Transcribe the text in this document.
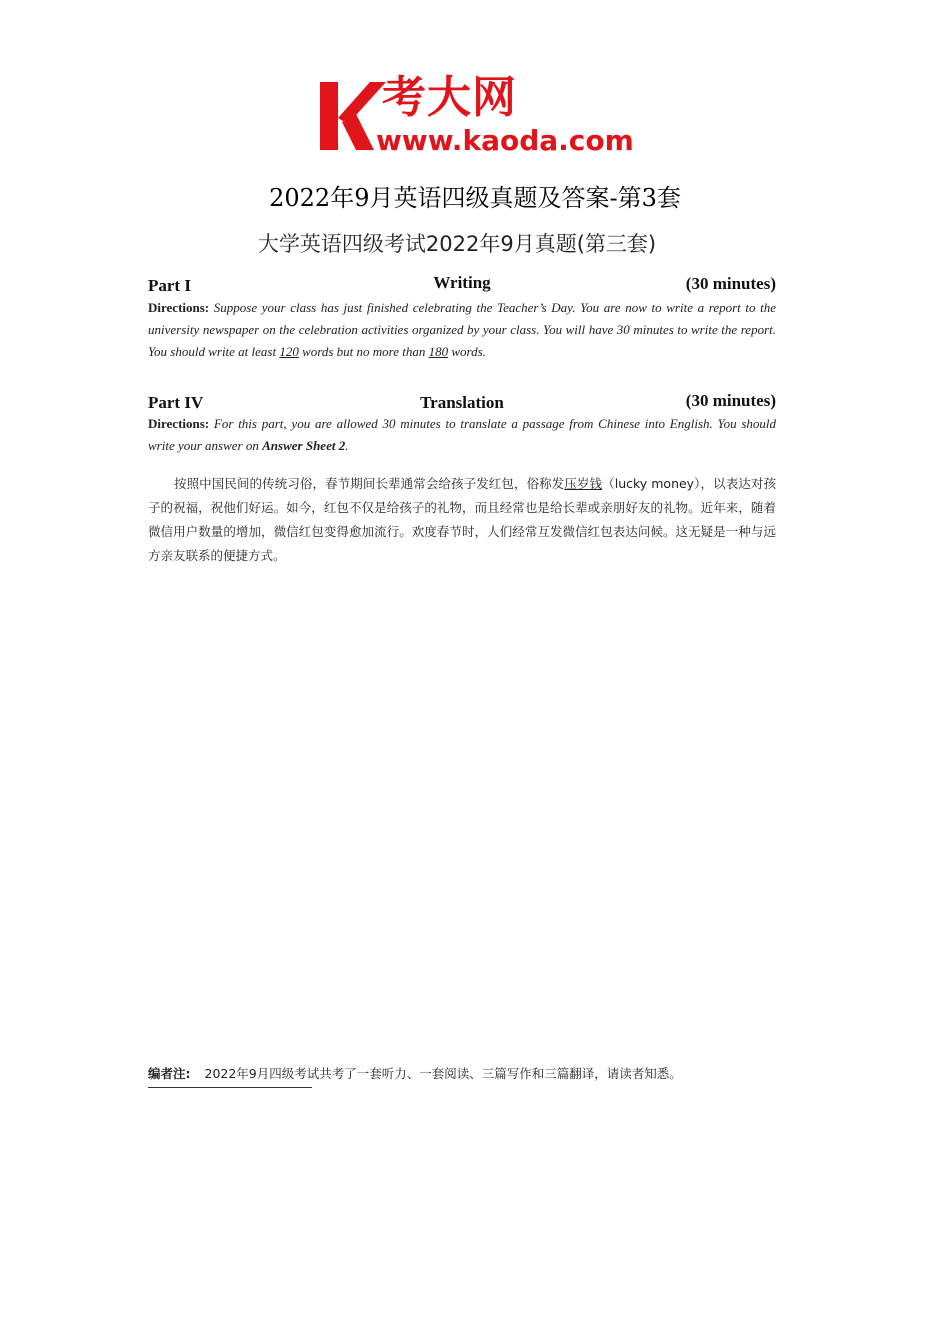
考大网
www.kaoda.com
2022年9月英语四级真题及答案-第3套
大学英语四级考试2022年9月真题(第三套)
Part I	Writing	(30 minutes)
Directions: Suppose your class has just finished celebrating the Teacher’s Day. You are now to write a report to the university newspaper on the celebration activities organized by your class. You will have 30 minutes to write the report. You should write at least 120 words but no more than 180 words.
Part IV	Translation	(30 minutes)
Directions: For this part, you are allowed 30 minutes to translate a passage from Chinese into English. You should write your answer on Answer Sheet 2.
按照中国民间的传统习俗，春节期间长辈通常会给孩子发红包，俗称发压岁钱（lucky money），以表达对孩子的祝福，祝他们好运。如今，红包不仅是给孩子的礼物，而且经常也是给长辈或亲朋好友的礼物。近年来，随着微信用户数量的增加，微信红包变得愈加流行。欢度春节时，人们经常互发微信红包表达问候。这无疑是一种与远方亲友联系的便捷方式。
编者注: 2022年9月四级考试共考了一套听力、一套阅读、三篇写作和三篇翻译，请读者知悉。
